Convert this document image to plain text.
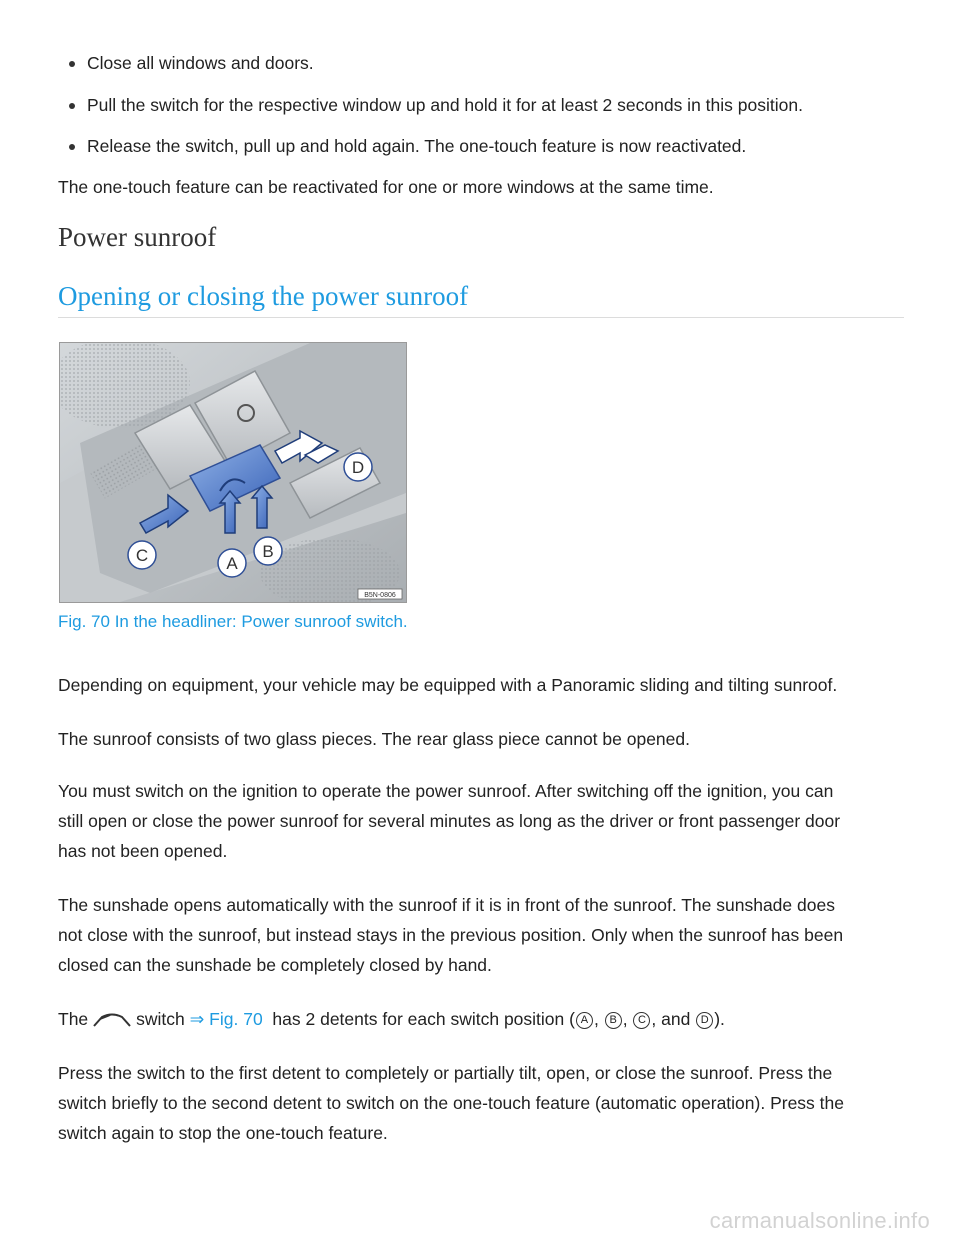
Close all windows and doors.
Pull the switch for the respective window up and hold it for at least 2 seconds in this position.
Release the switch, pull up and hold again. The one-touch feature is now reactivated.

The one-touch feature can be reactivated for one or more windows at the same time.

Power sunroof
Opening or closing the power sunroof
C	A
B
D
B5N-0806
Fig. 70 In the headliner: Power sunroof switch.

Depending on equipment, your vehicle may be equipped with a Panoramic sliding and tilting sunroof.

The sunroof consists of two glass pieces. The rear glass piece cannot be opened.

You must switch on the ignition to operate the power sunroof. After switching off the ignition, you can

still open or close the power sunroof for several minutes as long as the driver or front passenger door

has not been opened.

The sunshade opens automatically with the sunroof if it is in front of the sunroof. The sunshade does

not close with the sunroof, but instead stays in the previous position. Only when the sunroof has been

closed can the sunshade be completely closed by hand.

The	switch ⇒ Fig. 70 has 2 detents for each switch position ( A , B , C , and D ).

Press the switch to the first detent to completely or partially tilt, open, or close the sunroof. Press the

switch briefly to the second detent to switch on the one-touch feature (automatic operation). Press the

switch again to stop the one-touch feature.

carmanualsonline.info
